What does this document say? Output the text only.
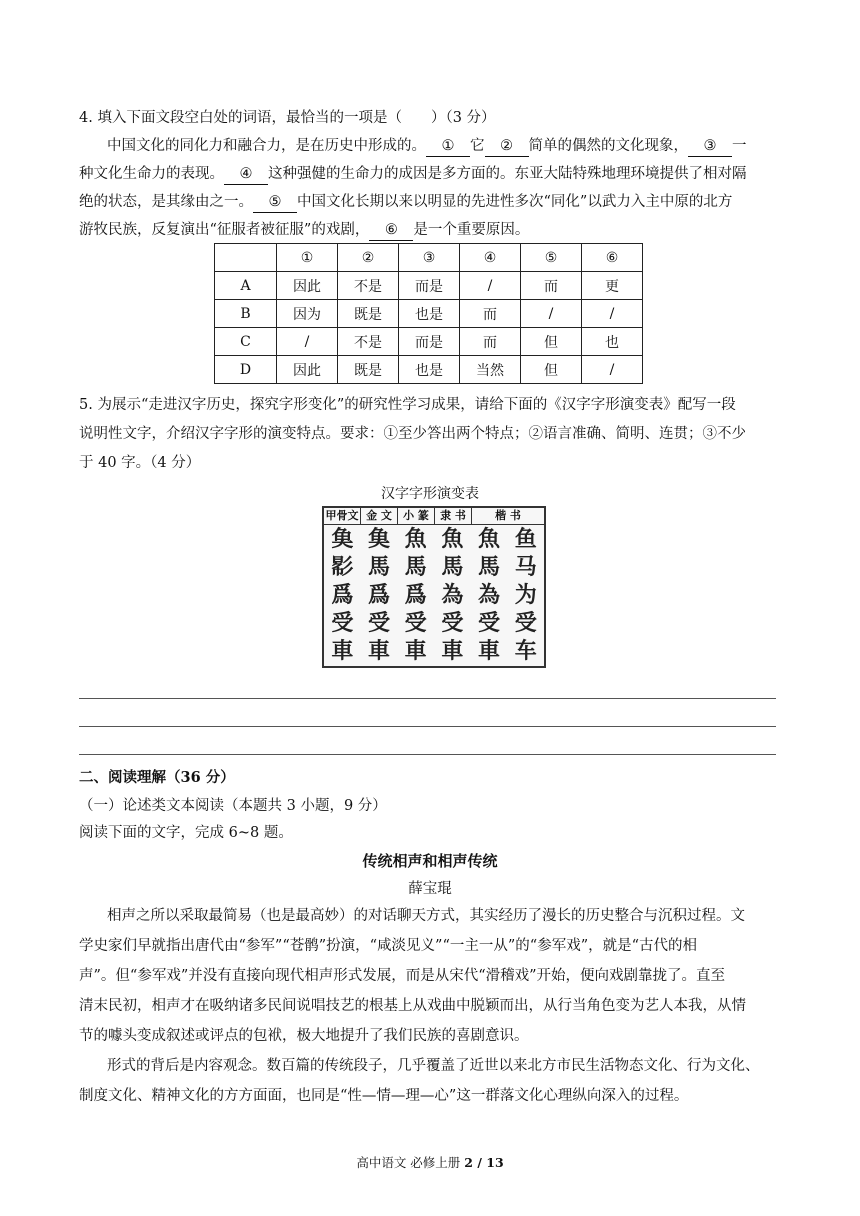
4. 填入下面文段空白处的词语，最恰当的一项是（　　）（3 分）
中国文化的同化力和融合力，是在历史中形成的。 ① 它 ② 简单的偶然的文化现象， ③ 一
种文化生命力的表现。 ④ 这种强健的生命力的成因是多方面的。东亚大陆特殊地理环境提供了相对隔
绝的状态，是其缘由之一。 ⑤ 中国文化长期以来以明显的先进性多次“同化”以武力入主中原的北方
游牧民族，反复演出“征服者被征服”的戏剧， ⑥ 是一个重要原因。
	①	②	③	④	⑤	⑥
A	因此	不是	而是	/	而	更
B	因为	既是	也是	而	/	/
C	/	不是	而是	而	但	也
D	因此	既是	也是	当然	但	/
5. 为展示“走进汉字历史，探究字形变化”的研究性学习成果，请给下面的《汉字字形演变表》配写一段
说明性文字，介绍汉字字形的演变特点。要求：①至少答出两个特点；②语言准确、简明、连贯；③不少
于 40 字。（4 分）
汉字字形演变表
甲骨文 金 文	小 篆	隶 书	楷 书
𩵋 𩵋 魚 魚 魚 鱼
𢒠 馬 馬 馬 馬 马
爲 爲 爲 為 為 为
受 受 受 受 受 受
車 車 車 車 車 车
二、阅读理解（36 分）
（一）论述类文本阅读（本题共 3 小题，9 分）
阅读下面的文字，完成 6~8 题。
传统相声和相声传统
薛宝琨
相声之所以采取最简易（也是最高妙）的对话聊天方式，其实经历了漫长的历史整合与沉积过程。文
学史家们早就指出唐代由“参军”“苍鹘”扮演，“咸淡见义”“一主一从”的“参军戏”，就是“古代的相
声”。但“参军戏”并没有直接向现代相声形式发展，而是从宋代“滑稽戏”开始，便向戏剧靠拢了。直至
清末民初，相声才在吸纳诸多民间说唱技艺的根基上从戏曲中脱颖而出，从行当角色变为艺人本我，从情
节的噱头变成叙述或评点的包袱，极大地提升了我们民族的喜剧意识。
形式的背后是内容观念。数百篇的传统段子，几乎覆盖了近世以来北方市民生活物态文化、行为文化、
制度文化、精神文化的方方面面，也同是“性—情—理—心”这一群落文化心理纵向深入的过程。
高中语文 必修上册 2 / 13
